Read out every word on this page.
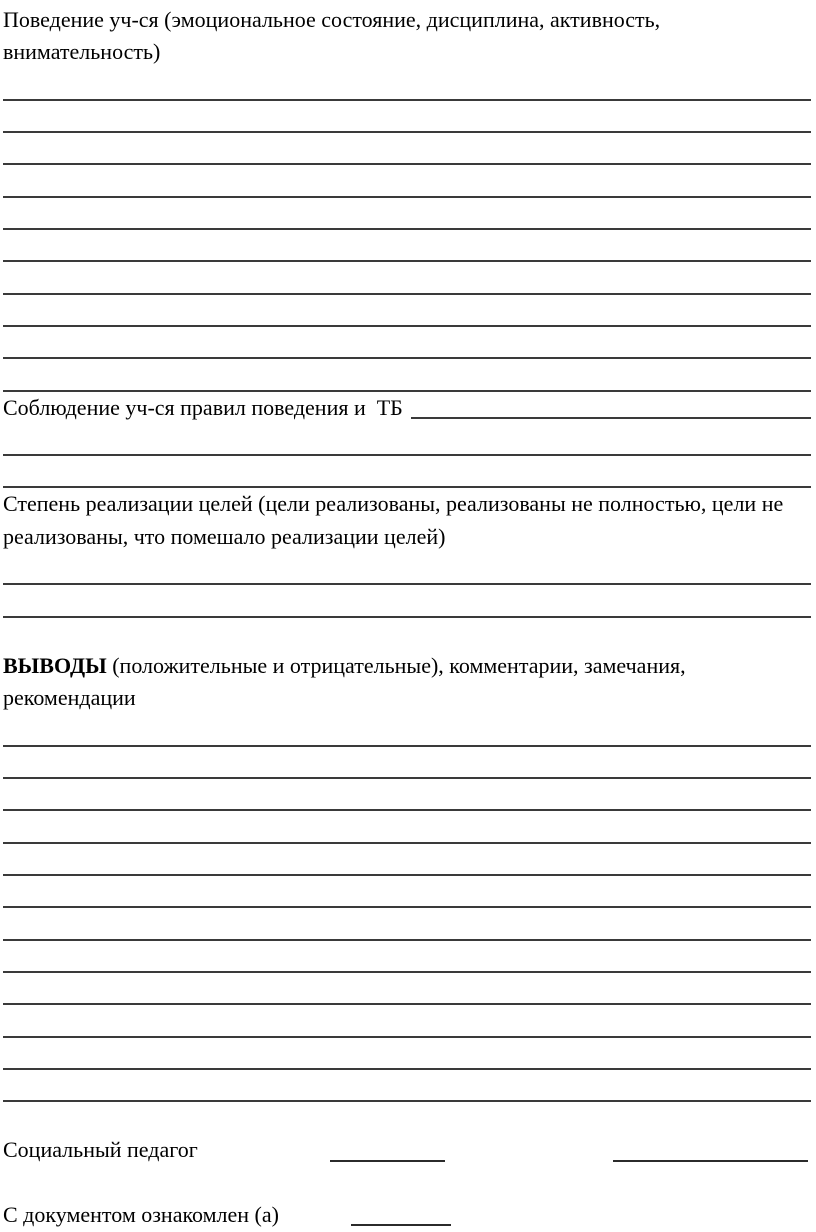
Поведение уч-ся (эмоциональное состояние, дисциплина, активность, внимательность)

Соблюдение уч-ся правил поведения и  ТБ

Степень реализации целей (цели реализованы, реализованы не полностью, цели не реализованы, что помешало реализации целей)

ВЫВОДЫ (положительные и отрицательные), комментарии, замечания, рекомендации

Социальный педагог
С документом ознакомлен (а)
